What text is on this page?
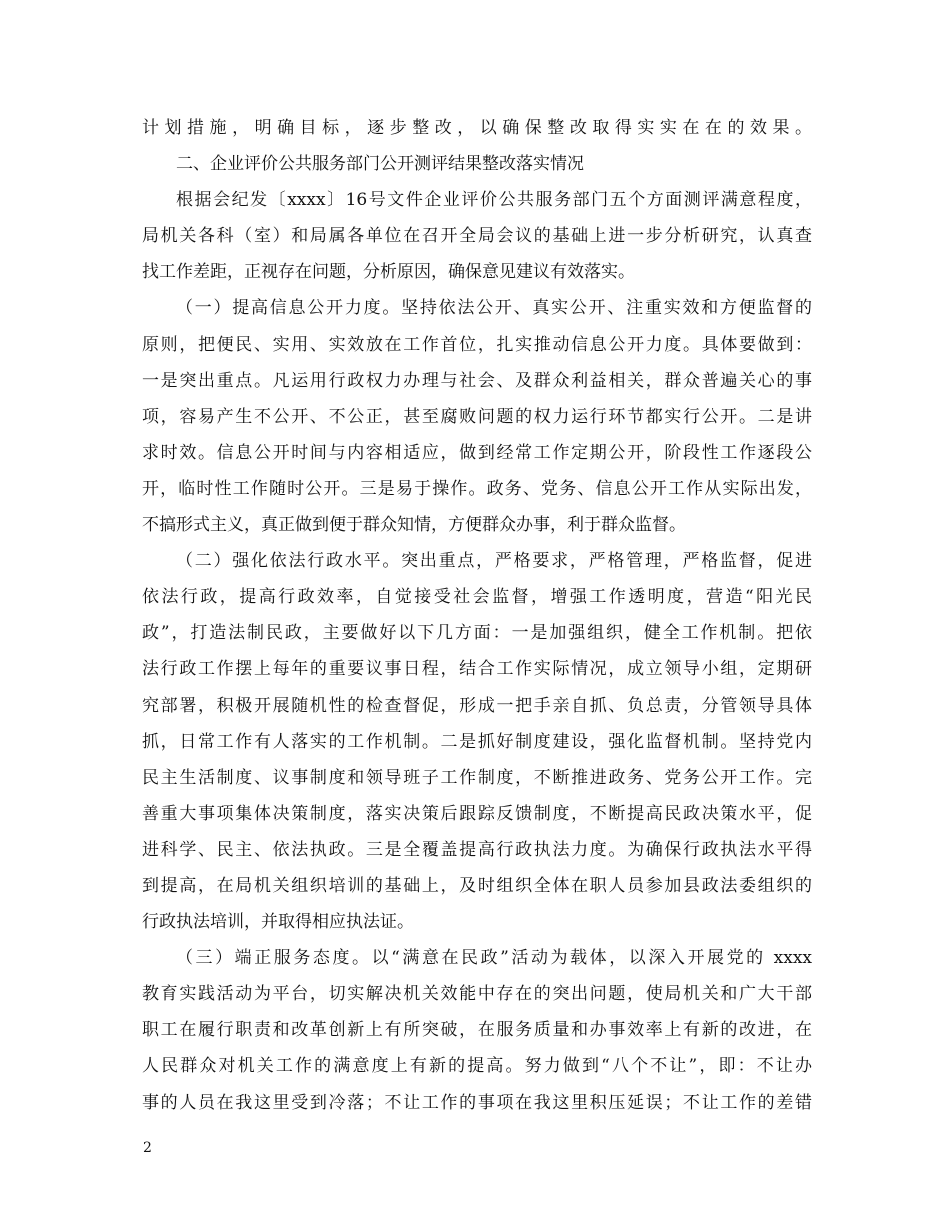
计划措施，明确目标，逐步整改，以确保整改取得实实在在的效果。
二、企业评价公共服务部门公开测评结果整改落实情况
根据会纪发〔xxxx〕16号文件企业评价公共服务部门五个方面测评满意程度，
局机关各科（室）和局属各单位在召开全局会议的基础上进一步分析研究，认真查
找工作差距，正视存在问题，分析原因，确保意见建议有效落实。
（一）提高信息公开力度。坚持依法公开、真实公开、注重实效和方便监督的
原则，把便民、实用、实效放在工作首位，扎实推动信息公开力度。具体要做到：
一是突出重点。凡运用行政权力办理与社会、及群众利益相关，群众普遍关心的事
项，容易产生不公开、不公正，甚至腐败问题的权力运行环节都实行公开。二是讲
求时效。信息公开时间与内容相适应，做到经常工作定期公开，阶段性工作逐段公
开，临时性工作随时公开。三是易于操作。政务、党务、信息公开工作从实际出发，
不搞形式主义，真正做到便于群众知情，方便群众办事，利于群众监督。
（二）强化依法行政水平。突出重点，严格要求，严格管理，严格监督，促进
依法行政，提高行政效率，自觉接受社会监督，增强工作透明度，营造“阳光民
政”，打造法制民政，主要做好以下几方面：一是加强组织，健全工作机制。把依
法行政工作摆上每年的重要议事日程，结合工作实际情况，成立领导小组，定期研
究部署，积极开展随机性的检查督促，形成一把手亲自抓、负总责，分管领导具体
抓，日常工作有人落实的工作机制。二是抓好制度建设，强化监督机制。坚持党内
民主生活制度、议事制度和领导班子工作制度，不断推进政务、党务公开工作。完
善重大事项集体决策制度，落实决策后跟踪反馈制度，不断提高民政决策水平，促
进科学、民主、依法执政。三是全覆盖提高行政执法力度。为确保行政执法水平得
到提高，在局机关组织培训的基础上，及时组织全体在职人员参加县政法委组织的
行政执法培训，并取得相应执法证。
（三）端正服务态度。以“满意在民政”活动为载体，以深入开展党的 xxxx
教育实践活动为平台，切实解决机关效能中存在的突出问题，使局机关和广大干部
职工在履行职责和改革创新上有所突破，在服务质量和办事效率上有新的改进，在
人民群众对机关工作的满意度上有新的提高。努力做到“八个不让”，即：不让办
事的人员在我这里受到冷落；不让工作的事项在我这里积压延误；不让工作的差错
2
